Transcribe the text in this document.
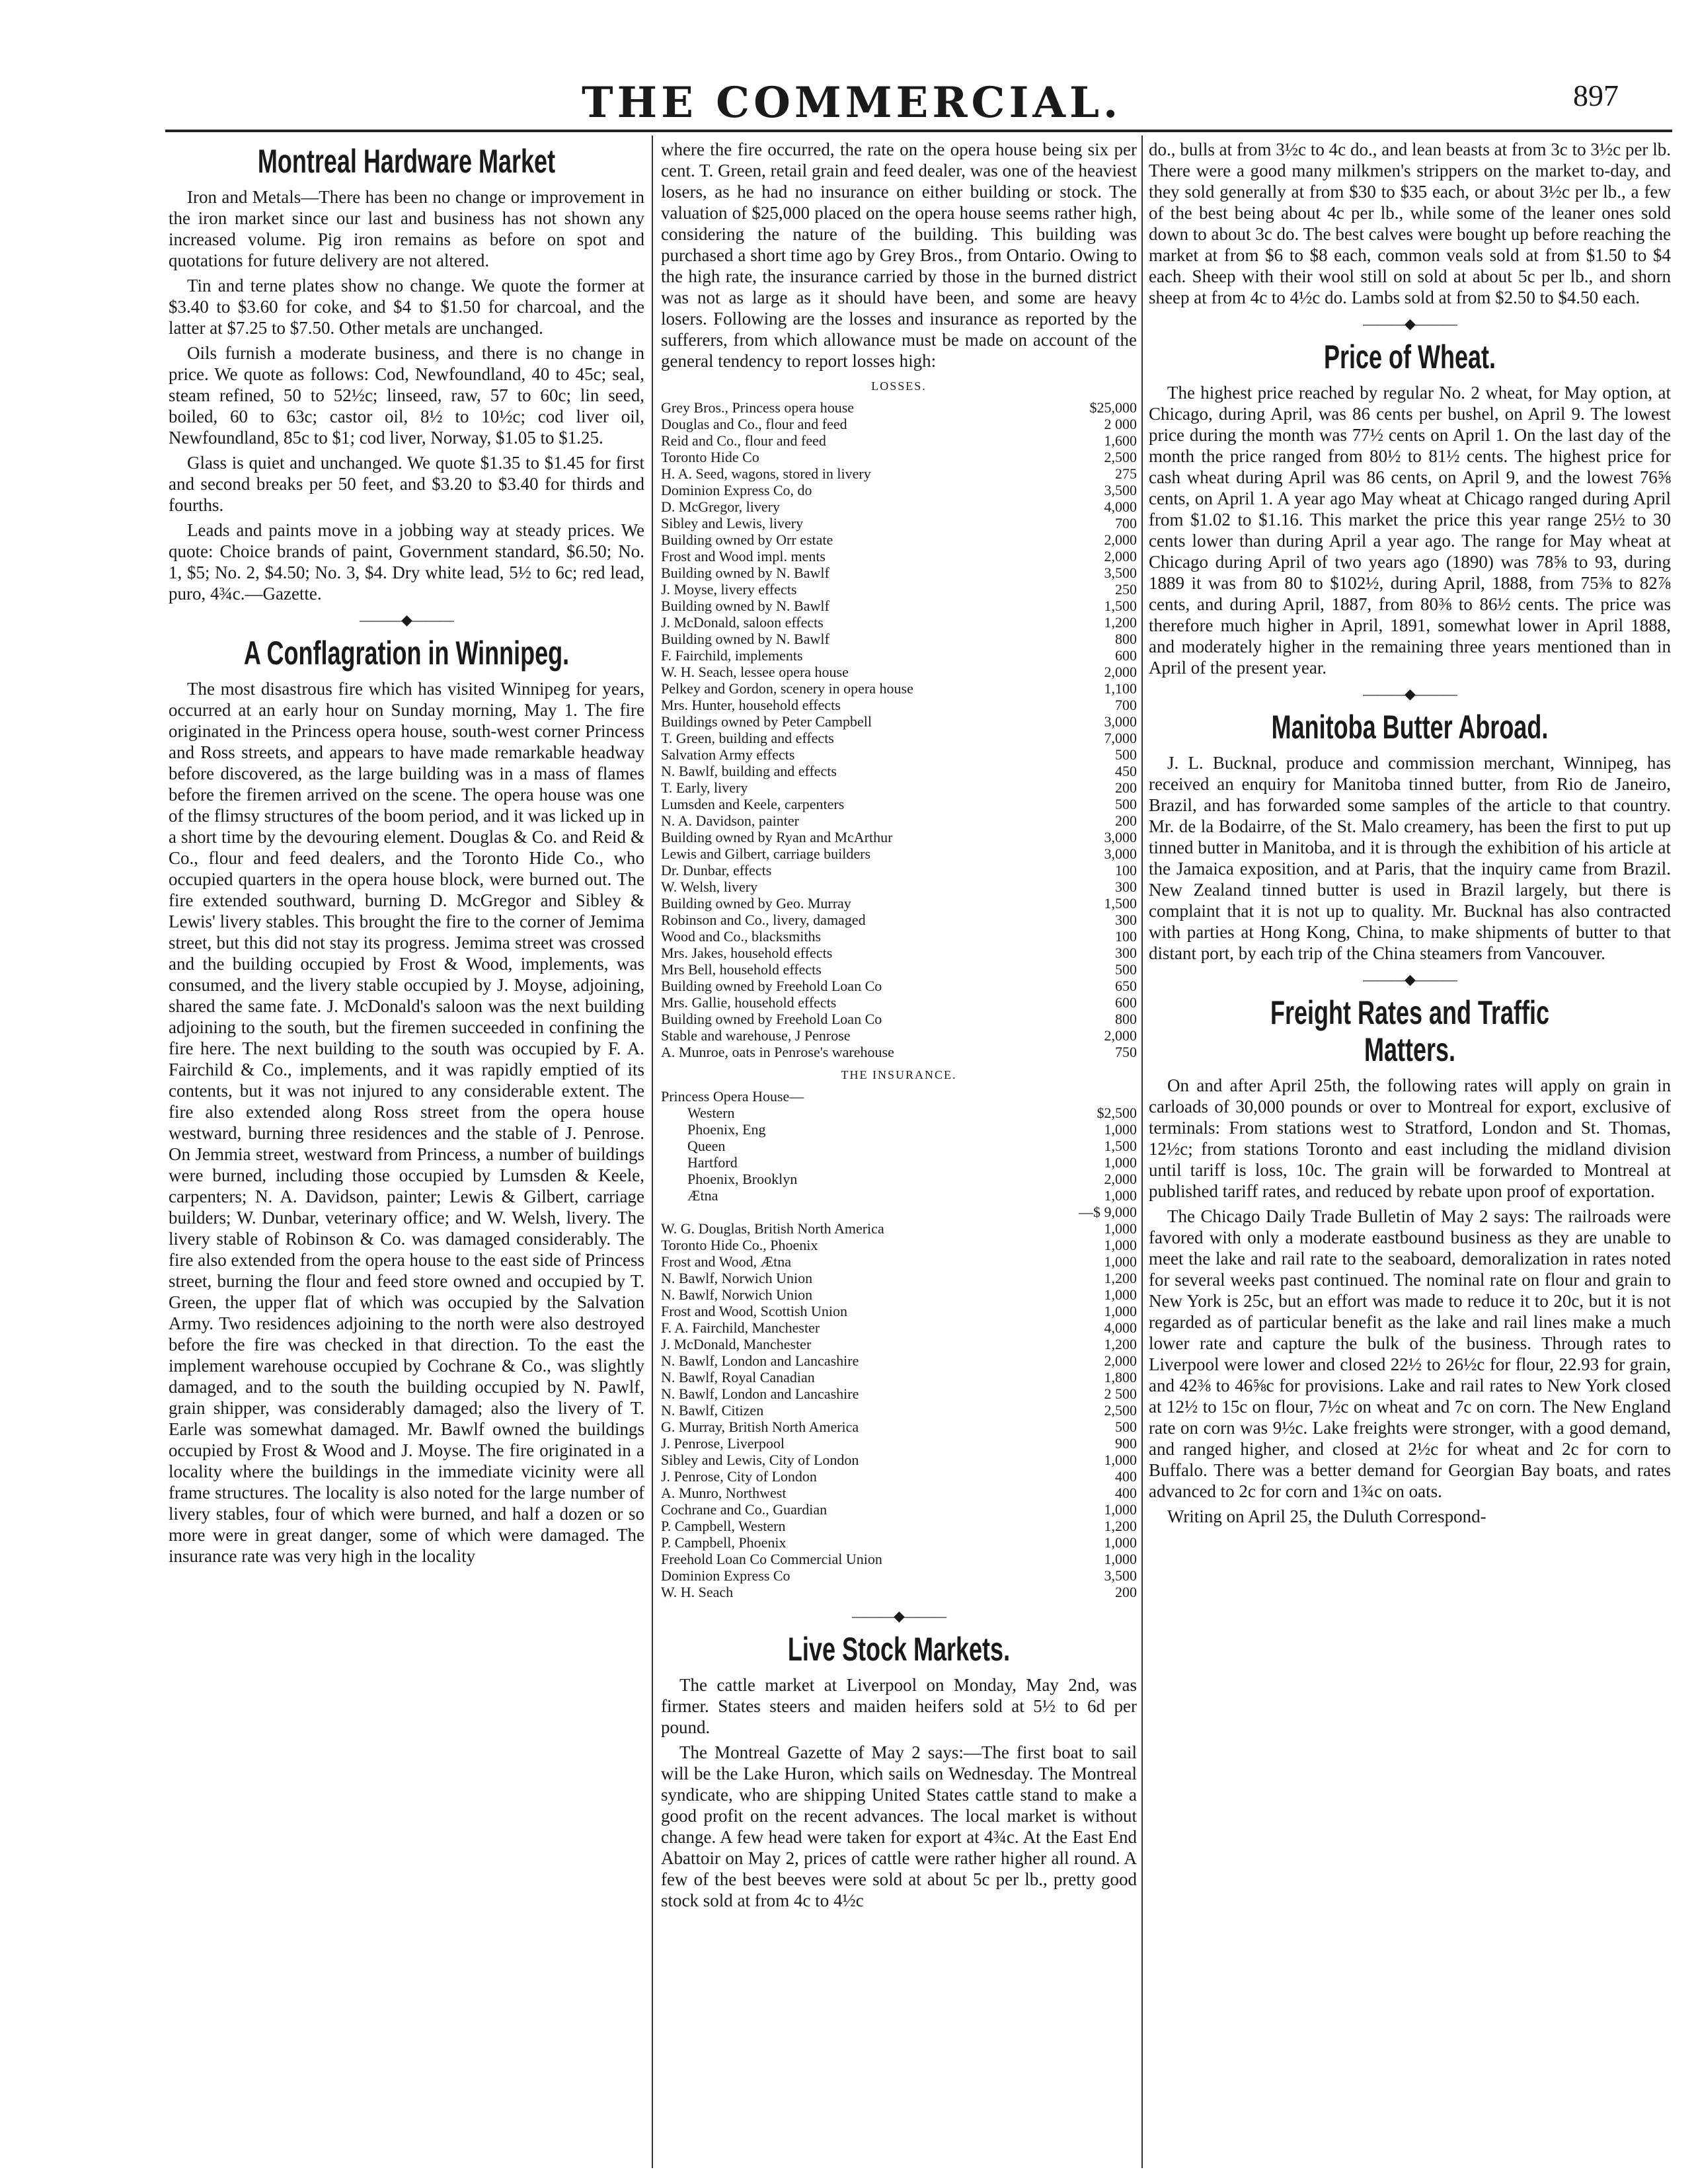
THE COMMERCIAL.	897
Montreal Hardware Market

Iron and Metals—There has been no change or improvement in the iron market since our last and business has not shown any increased volume. Pig iron remains as before on spot and quotations for future delivery are not altered.

Tin and terne plates show no change. We quote the former at $3.40 to $3.60 for coke, and $4 to $1.50 for charcoal, and the latter at $7.25 to $7.50. Other metals are unchanged.

Oils furnish a moderate business, and there is no change in price. We quote as follows: Cod, Newfoundland, 40 to 45c; seal, steam refined, 50 to 52½c; linseed, raw, 57 to 60c; lin seed, boiled, 60 to 63c; castor oil, 8½ to 10½c; cod liver oil, Newfoundland, 85c to $1; cod liver, Norway, $1.05 to $1.25.

Glass is quiet and unchanged. We quote $1.35 to $1.45 for first and second breaks per 50 feet, and $3.20 to $3.40 for thirds and fourths.

Leads and paints move in a jobbing way at steady prices. We quote: Choice brands of paint, Government standard, $6.50; No. 1, $5; No. 2, $4.50; No. 3, $4. Dry white lead, 5½ to 6c; red lead, puro, 4¾c.—Gazette.

———◆———
A Conflagration in Winnipeg.

The most disastrous fire which has visited Winnipeg for years, occurred at an early hour on Sunday morning, May 1. The fire originated in the Princess opera house, south-west corner Princess and Ross streets, and appears to have made remarkable headway before discovered, as the large building was in a mass of flames before the firemen arrived on the scene. The opera house was one of the flimsy structures of the boom period, and it was licked up in a short time by the devouring element. Douglas & Co. and Reid & Co., flour and feed dealers, and the Toronto Hide Co., who occupied quarters in the opera house block, were burned out. The fire extended southward, burning D. McGregor and Sibley & Lewis' livery stables. This brought the fire to the corner of Jemima street, but this did not stay its progress. Jemima street was crossed and the building occupied by Frost & Wood, implements, was consumed, and the livery stable occupied by J. Moyse, adjoining, shared the same fate. J. McDonald's saloon was the next building adjoining to the south, but the firemen succeeded in confining the fire here. The next building to the south was occupied by F. A. Fairchild & Co., implements, and it was rapidly emptied of its contents, but it was not injured to any considerable extent. The fire also extended along Ross street from the opera house westward, burning three residences and the stable of J. Penrose. On Jemmia street, westward from Princess, a number of buildings were burned, including those occupied by Lumsden & Keele, carpenters; N. A. Davidson, painter; Lewis & Gilbert, carriage builders; W. Dunbar, veterinary office; and W. Welsh, livery. The livery stable of Robinson & Co. was damaged considerably. The fire also extended from the opera house to the east side of Princess street, burning the flour and feed store owned and occupied by T. Green, the upper flat of which was occupied by the Salvation Army. Two residences adjoining to the north were also destroyed before the fire was checked in that direction. To the east the implement warehouse occupied by Cochrane & Co., was slightly damaged, and to the south the building occupied by N. Pawlf, grain shipper, was considerably damaged; also the livery of T. Earle was somewhat damaged. Mr. Bawlf owned the buildings occupied by Frost & Wood and J. Moyse. The fire originated in a locality where the buildings in the immediate vicinity were all frame structures. The locality is also noted for the large number of livery stables, four of which were burned, and half a dozen or so more were in great danger, some of which were damaged. The insurance rate was very high in the locality

where the fire occurred, the rate on the opera house being six per cent. T. Green, retail grain and feed dealer, was one of the heaviest losers, as he had no insurance on either building or stock. The valuation of $25,000 placed on the opera house seems rather high, considering the nature of the building. This building was purchased a short time ago by Grey Bros., from Ontario. Owing to the high rate, the insurance carried by those in the burned district was not as large as it should have been, and some are heavy losers. Following are the losses and insurance as reported by the sufferers, from which allowance must be made on account of the general tendency to report losses high:

LOSSES.
Grey Bros., Princess opera house	$25,000
Douglas and Co., flour and feed	2 000
Reid and Co., flour and feed	1,600
Toronto Hide Co	2,500
H. A. Seed, wagons, stored in livery	275
Dominion Express Co, do	3,500
D. McGregor, livery	4,000
Sibley and Lewis, livery	700
Building owned by Orr estate	2,000
Frost and Wood impl. ments	2,000
Building owned by N. Bawlf	3,500
J. Moyse, livery effects	250
Building owned by N. Bawlf	1,500
J. McDonald, saloon effects	1,200
Building owned by N. Bawlf	800
F. Fairchild, implements	600
W. H. Seach, lessee opera house	2,000
Pelkey and Gordon, scenery in opera house	1,100
Mrs. Hunter, household effects	700
Buildings owned by Peter Campbell	3,000
T. Green, building and effects	7,000
Salvation Army effects	500
N. Bawlf, building and effects	450
T. Early, livery	200
Lumsden and Keele, carpenters	500
N. A. Davidson, painter	200
Building owned by Ryan and McArthur	3,000
Lewis and Gilbert, carriage builders	3,000
Dr. Dunbar, effects	100
W. Welsh, livery	300
Building owned by Geo. Murray	1,500
Robinson and Co., livery, damaged	300
Wood and Co., blacksmiths	100
Mrs. Jakes, household effects	300
Mrs Bell, household effects	500
Building owned by Freehold Loan Co	650
Mrs. Gallie, household effects	600
Building owned by Freehold Loan Co	800
Stable and warehouse, J Penrose	2,000
A. Munroe, oats in Penrose's warehouse	750
THE INSURANCE.
Princess Opera House—
Western	$2,500
Phoenix, Eng	1,000
Queen	1,500
Hartford	1,000
Phoenix, Brooklyn	2,000
Ætna	1,000
	—$ 9,000
W. G. Douglas, British North America	1,000
Toronto Hide Co., Phoenix	1,000
Frost and Wood, Ætna	1,000
N. Bawlf, Norwich Union	1,200
N. Bawlf, Norwich Union	1,000
Frost and Wood, Scottish Union	1,000
F. A. Fairchild, Manchester	4,000
J. McDonald, Manchester	1,200
N. Bawlf, London and Lancashire	2,000
N. Bawlf, Royal Canadian	1,800
N. Bawlf, London and Lancashire	2 500
N. Bawlf, Citizen	2,500
G. Murray, British North America	500
J. Penrose, Liverpool	900
Sibley and Lewis, City of London	1,000
J. Penrose, City of London	400
A. Munro, Northwest	400
Cochrane and Co., Guardian	1,000
P. Campbell, Western	1,200
P. Campbell, Phoenix	1,000
Freehold Loan Co Commercial Union	1,000
Dominion Express Co	3,500
W. H. Seach	200
———◆———
Live Stock Markets.

The cattle market at Liverpool on Monday, May 2nd, was firmer. States steers and maiden heifers sold at 5½ to 6d per pound.

The Montreal Gazette of May 2 says:—The first boat to sail will be the Lake Huron, which sails on Wednesday. The Montreal syndicate, who are shipping United States cattle stand to make a good profit on the recent advances. The local market is without change. A few head were taken for export at 4¾c. At the East End Abattoir on May 2, prices of cattle were rather higher all round. A few of the best beeves were sold at about 5c per lb., pretty good stock sold at from 4c to 4½c

do., bulls at from 3½c to 4c do., and lean beasts at from 3c to 3½c per lb. There were a good many milkmen's strippers on the market to-day, and they sold generally at from $30 to $35 each, or about 3½c per lb., a few of the best being about 4c per lb., while some of the leaner ones sold down to about 3c do. The best calves were bought up before reaching the market at from $6 to $8 each, common veals sold at from $1.50 to $4 each. Sheep with their wool still on sold at about 5c per lb., and shorn sheep at from 4c to 4½c do. Lambs sold at from $2.50 to $4.50 each.

———◆———
Price of Wheat.

The highest price reached by regular No. 2 wheat, for May option, at Chicago, during April, was 86 cents per bushel, on April 9. The lowest price during the month was 77½ cents on April 1. On the last day of the month the price ranged from 80½ to 81½ cents. The highest price for cash wheat during April was 86 cents, on April 9, and the lowest 76⅝ cents, on April 1. A year ago May wheat at Chicago ranged during April from $1.02 to $1.16. This market the price this year range 25½ to 30 cents lower than during April a year ago. The range for May wheat at Chicago during April of two years ago (1890) was 78⅝ to 93, during 1889 it was from 80 to $102½, during April, 1888, from 75⅜ to 82⅞ cents, and during April, 1887, from 80⅜ to 86½ cents. The price was therefore much higher in April, 1891, somewhat lower in April 1888, and moderately higher in the remaining three years mentioned than in April of the present year.

———◆———
Manitoba Butter Abroad.

J. L. Bucknal, produce and commission merchant, Winnipeg, has received an enquiry for Manitoba tinned butter, from Rio de Janeiro, Brazil, and has forwarded some samples of the article to that country. Mr. de la Bodairre, of the St. Malo creamery, has been the first to put up tinned butter in Manitoba, and it is through the exhibition of his article at the Jamaica exposition, and at Paris, that the inquiry came from Brazil. New Zealand tinned butter is used in Brazil largely, but there is complaint that it is not up to quality. Mr. Bucknal has also contracted with parties at Hong Kong, China, to make shipments of butter to that distant port, by each trip of the China steamers from Vancouver.

———◆———
Freight Rates and Traffic Matters.

On and after April 25th, the following rates will apply on grain in carloads of 30,000 pounds or over to Montreal for export, exclusive of terminals: From stations west to Stratford, London and St. Thomas, 12½c; from stations Toronto and east including the midland division until tariff is loss, 10c. The grain will be forwarded to Montreal at published tariff rates, and reduced by rebate upon proof of exportation.

The Chicago Daily Trade Bulletin of May 2 says: The railroads were favored with only a moderate eastbound business as they are unable to meet the lake and rail rate to the seaboard, demoralization in rates noted for several weeks past continued. The nominal rate on flour and grain to New York is 25c, but an effort was made to reduce it to 20c, but it is not regarded as of particular benefit as the lake and rail lines make a much lower rate and capture the bulk of the business. Through rates to Liverpool were lower and closed 22½ to 26½c for flour, 22.93 for grain, and 42⅜ to 46⅝c for provisions. Lake and rail rates to New York closed at 12½ to 15c on flour, 7½c on wheat and 7c on corn. The New England rate on corn was 9½c. Lake freights were stronger, with a good demand, and ranged higher, and closed at 2½c for wheat and 2c for corn to Buffalo. There was a better demand for Georgian Bay boats, and rates advanced to 2c for corn and 1¾c on oats.

Writing on April 25, the Duluth Correspond-
